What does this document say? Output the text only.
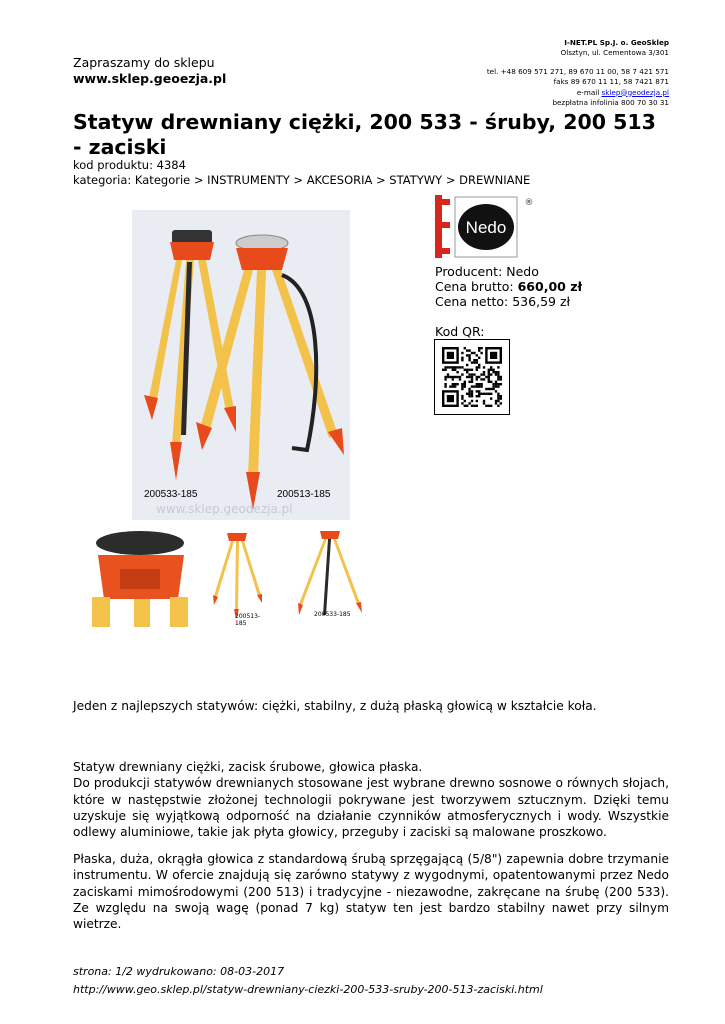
Zapraszamy do sklepu
www.sklep.geoezja.pl
I-NET.PL Sp.J. o. GeoSklep
Olsztyn, ul. Cementowa 3/301
tel. +48 609 571 271, 89 670 11 00, 58 7 421 571
faks 89 670 11 11, 58 7421 871
e-mail sklep@geodezja.pl
bezpłatna infolinia 800 70 30 31
Statyw drewniany ciężki, 200 533 - śruby, 200 513 - zaciski
kod produktu: 4384
kategoria: Kategorie > INSTRUMENTY > AKCESORIA > STATYWY > DREWNIANE
200533-185	200513-185
www.sklep.geodezja.pl
200513-185
200533-185
Nedo
®
Producent: Nedo
Cena brutto: 660,00 zł
Cena netto: 536,59 zł
Kod QR:
Jeden z najlepszych statywów: ciężki, stabilny, z dużą płaską głowicą w kształcie koła.
Statyw drewniany ciężki, zacisk śrubowe, głowica płaska.
Do produkcji statywów drewnianych stosowane jest wybrane drewno sosnowe o równych słojach, które w następstwie złożonej technologii pokrywane jest tworzywem sztucznym. Dzięki temu uzyskuje się wyjątkową odporność na działanie czynników atmosferycznych i wody. Wszystkie odlewy aluminiowe, takie jak płyta głowicy, przeguby i zaciski są malowane proszkowo.
Płaska, duża, okrągła głowica z standardową śrubą sprzęgającą (5/8") zapewnia dobre trzymanie instrumentu. W ofercie znajdują się zarówno statywy z wygodnymi, opatentowanymi przez Nedo zaciskami mimośrodowymi (200 513) i tradycyjne - niezawodne, zakręcane na śrubę (200 533). Ze względu na swoją wagę (ponad 7 kg) statyw ten jest bardzo stabilny nawet przy silnym wietrze.
strona: 1/2 wydrukowano: 08-03-2017
http://www.geo.sklep.pl/statyw-drewniany-ciezki-200-533-sruby-200-513-zaciski.html
